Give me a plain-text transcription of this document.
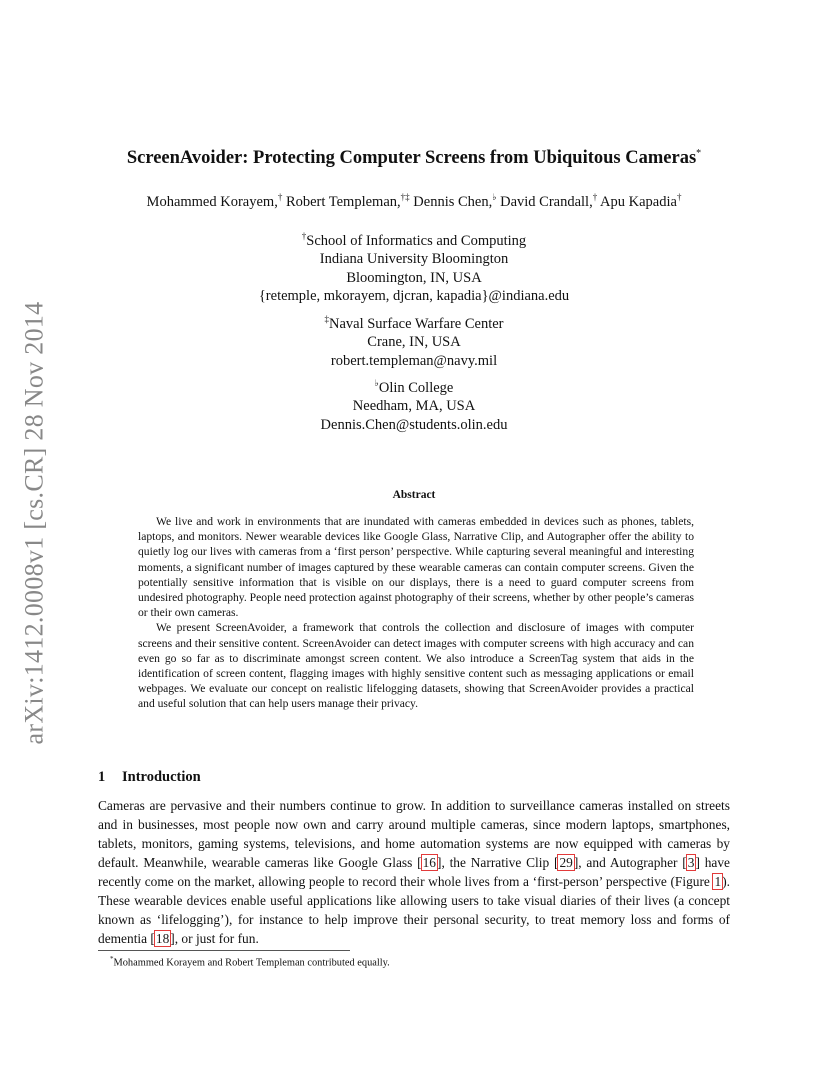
arXiv:1412.0008v1 [cs.CR] 28 Nov 2014
ScreenAvoider: Protecting Computer Screens from Ubiquitous Cameras*
Mohammed Korayem,† Robert Templeman,†‡ Dennis Chen,♭ David Crandall,† Apu Kapadia†
†School of Informatics and Computing
Indiana University Bloomington
Bloomington, IN, USA
{retemple, mkorayem, djcran, kapadia}@indiana.edu
‡Naval Surface Warfare Center
Crane, IN, USA
robert.templeman@navy.mil
♭Olin College
Needham, MA, USA
Dennis.Chen@students.olin.edu
Abstract

We live and work in environments that are inundated with cameras embedded in devices such as phones, tablets, laptops, and monitors. Newer wearable devices like Google Glass, Narrative Clip, and Autographer offer the ability to quietly log our lives with cameras from a ‘first person’ perspective. While capturing several meaningful and interesting moments, a significant number of images captured by these wearable cameras can contain computer screens. Given the potentially sensitive information that is visible on our displays, there is a need to guard computer screens from undesired photography. People need protection against photography of their screens, whether by other people’s cameras or their own cameras.

We present ScreenAvoider, a framework that controls the collection and disclosure of images with computer screens and their sensitive content. ScreenAvoider can detect images with computer screens with high accuracy and can even go so far as to discriminate amongst screen content. We also introduce a ScreenTag system that aids in the identification of screen content, flagging images with highly sensitive content such as messaging applications or email webpages. We evaluate our concept on realistic lifelogging datasets, showing that ScreenAvoider provides a practical and useful solution that can help users manage their privacy.

1 Introduction

Cameras are pervasive and their numbers continue to grow. In addition to surveillance cameras installed on streets and in businesses, most people now own and carry around multiple cameras, since modern laptops, smartphones, tablets, monitors, gaming systems, televisions, and home automation systems are now equipped with cameras by default. Meanwhile, wearable cameras like Google Glass [16], the Narrative Clip [29], and Autographer [3] have recently come on the market, allowing people to record their whole lives from a ‘first-person’ perspective (Figure 1). These wearable devices enable useful applications like allowing users to take visual diaries of their lives (a concept known as ‘lifelogging’), for instance to help improve their personal security, to treat memory loss and forms of dementia [18], or just for fun.

*Mohammed Korayem and Robert Templeman contributed equally.
